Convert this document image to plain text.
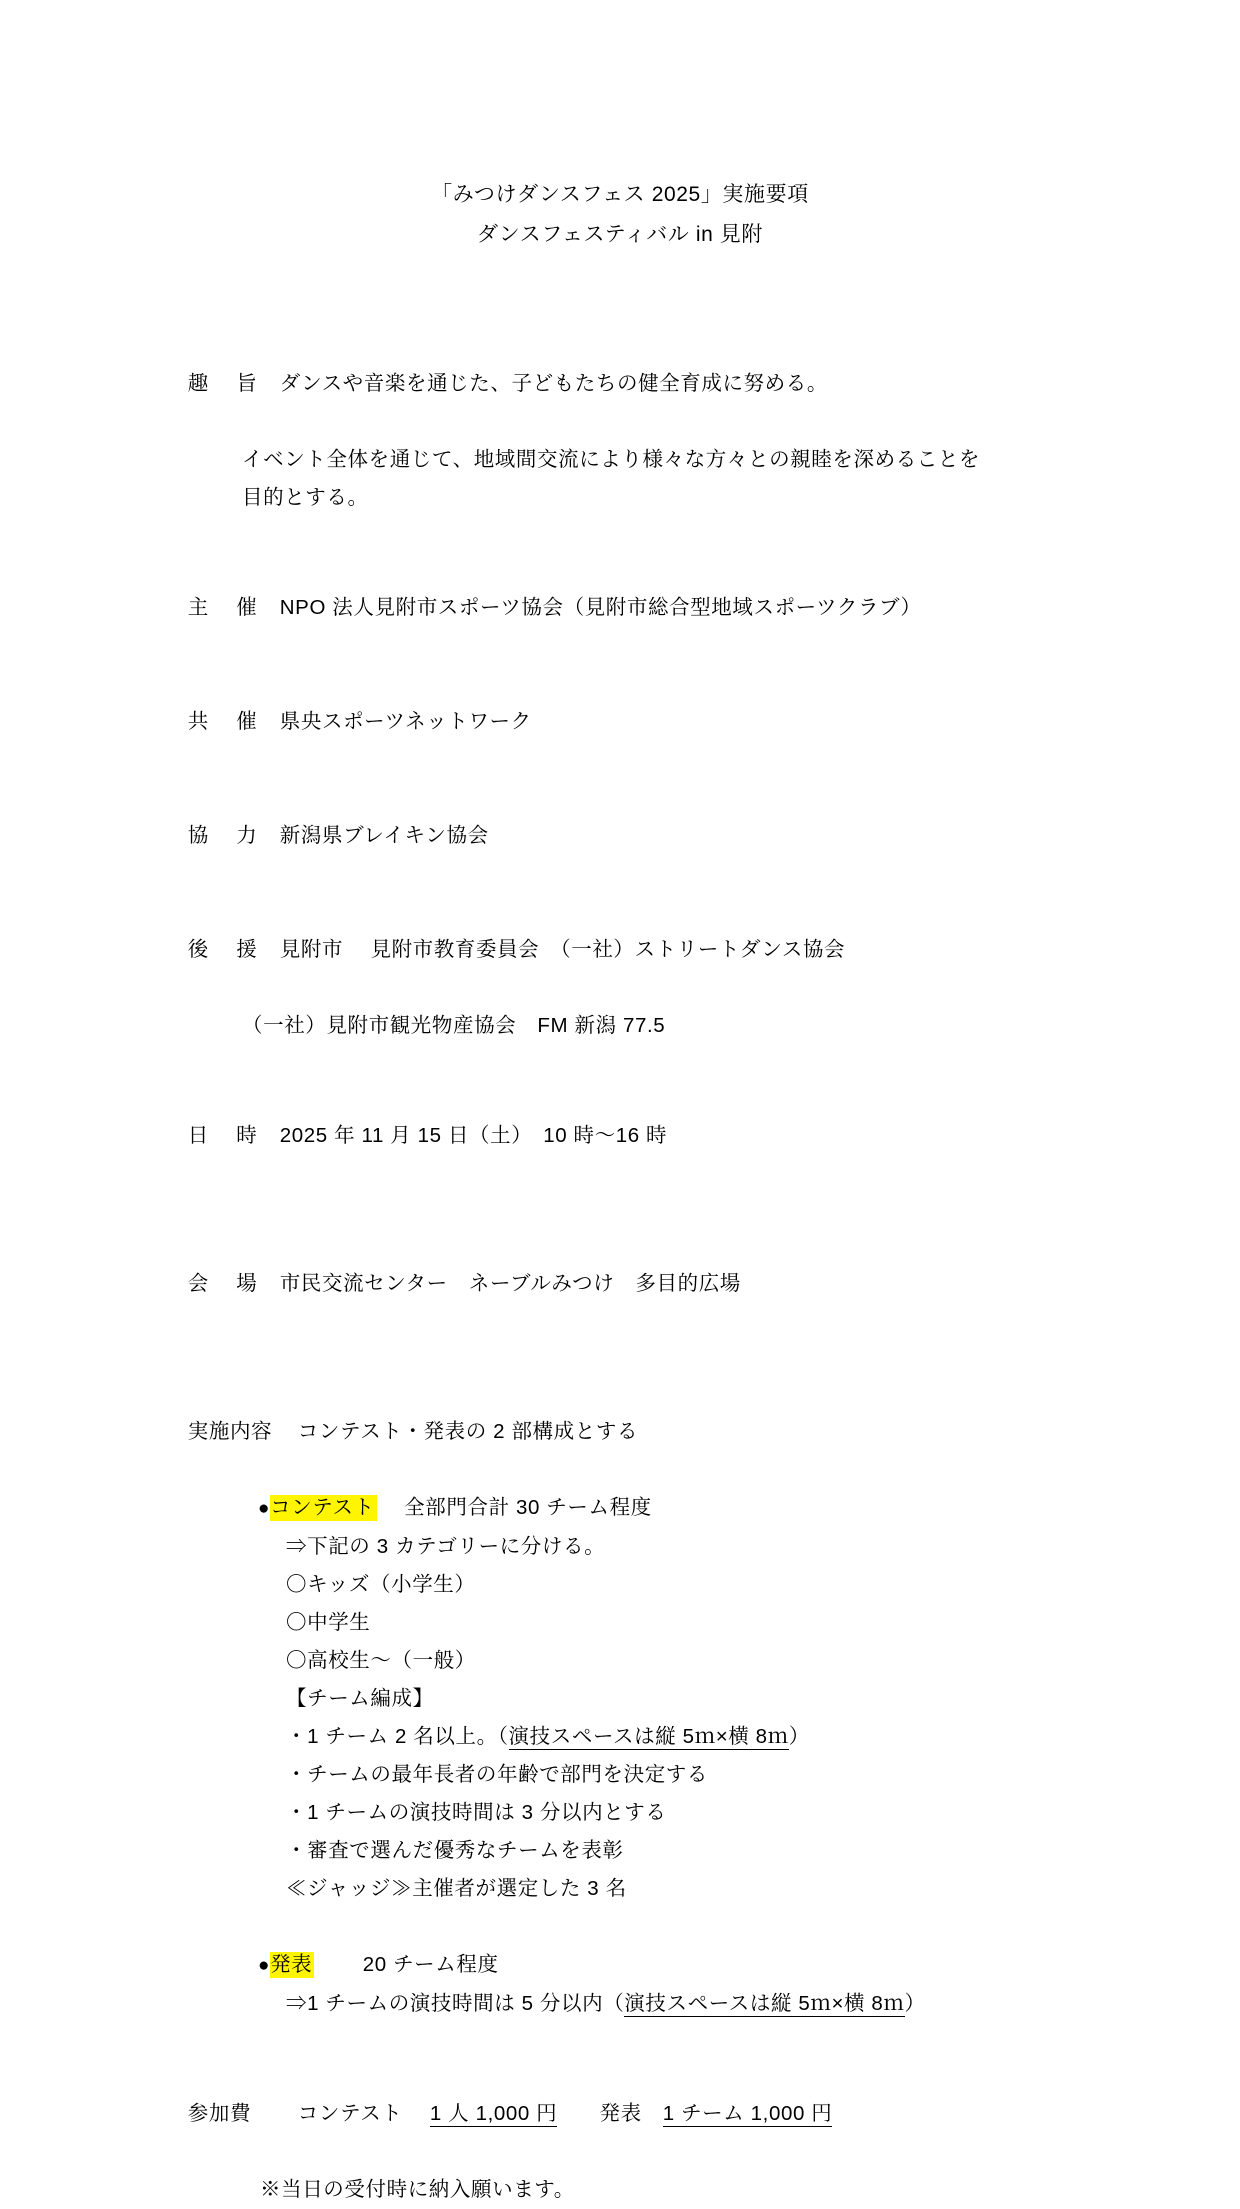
「みつけダンスフェス 2025」実施要項
ダンスフェスティバル in 見附

趣　 旨 ダンスや音楽を通じた、子どもたちの健全育成に努める。

イベント全体を通じて、地域間交流により様々な方々との親睦を深めることを
目的とする。

主　 催 NPO 法人見附市スポーツ協会（見附市総合型地域スポーツクラブ）

共　 催 県央スポーツネットワーク

協　 力 新潟県ブレイキン協会

後　 援 見附市　 見附市教育委員会　（一社）ストリートダンス協会

（一社）見附市観光物産協会　FM 新潟 77.5

日　 時 2025 年 11 月 15 日（土）　10 時～16 時

会　 場 市民交流センター　ネーブルみつけ　多目的広場

実施内容 コンテスト・発表の 2 部構成とする

●コンテスト　 全部門合計 30 チーム程度
⇒下記の 3 カテゴリーに分ける。
〇キッズ（小学生）
〇中学生
〇高校生～（一般）
【チーム編成】
・1 チーム 2 名以上。（演技スペースは縦 5ｍ×横 8ｍ）
・チームの最年長者の年齢で部門を決定する
・1 チームの演技時間は 3 分以内とする
・審査で選んだ優秀なチームを表彰
≪ジャッジ≫主催者が選定した 3 名
●発表　　 20 チーム程度
⇒1 チームの演技時間は 5 分以内（演技スペースは縦 5ｍ×横 8ｍ）

参加費 コンテスト　 1 人 1,000 円　　 発表　 1 チーム 1,000 円

※当日の受付時に納入願います。
